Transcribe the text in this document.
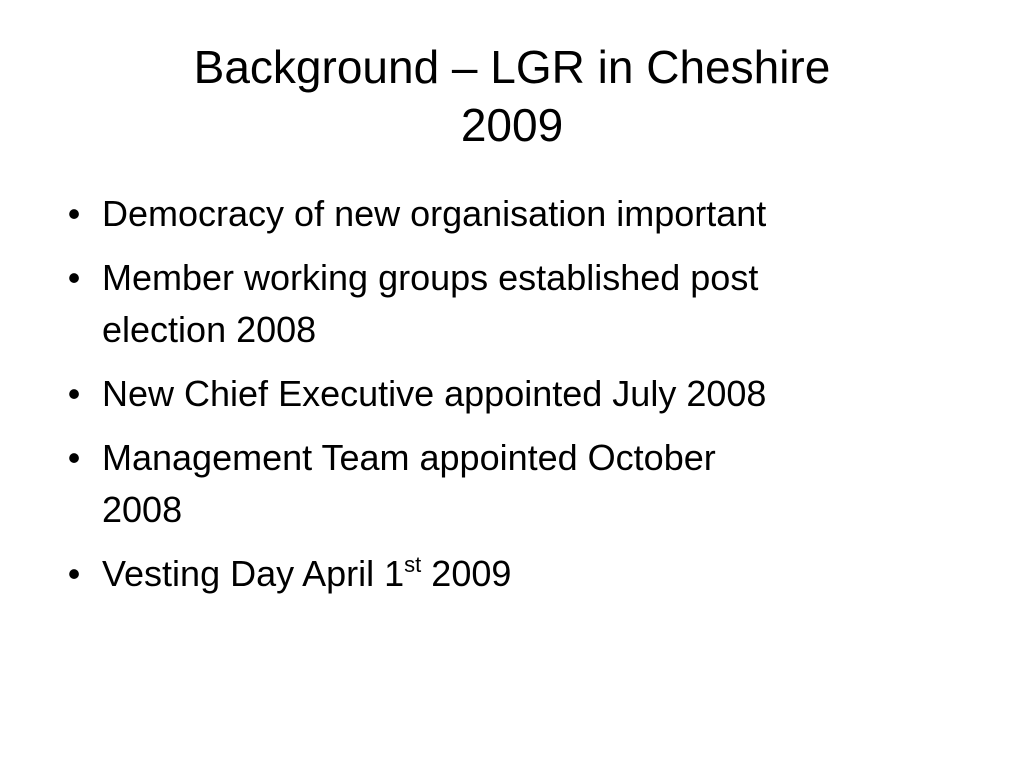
Background – LGR in Cheshire
2009
• Democracy of new organisation important
• Member working groups established post
election 2008
• New Chief Executive appointed July 2008
• Management Team appointed October
2008
• Vesting Day April 1st 2009
